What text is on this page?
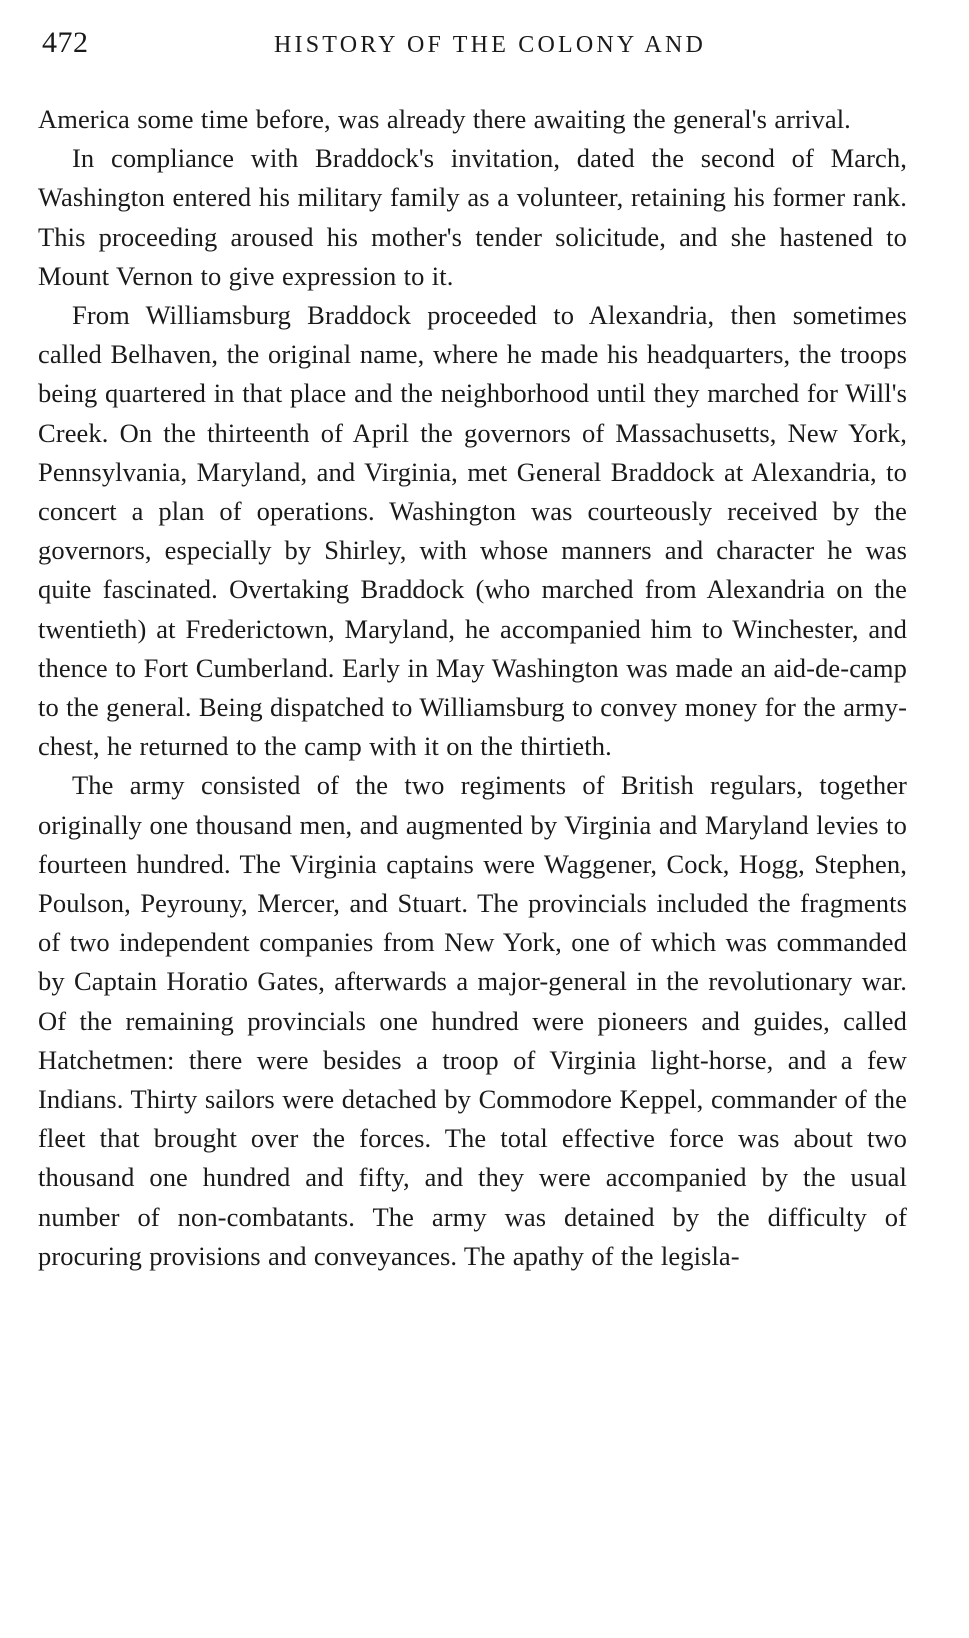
472	HISTORY OF THE COLONY AND

America some time before, was already there awaiting the general's arrival.

In compliance with Braddock's invitation, dated the second of March, Washington entered his military family as a volunteer, retaining his former rank. This proceeding aroused his mother's tender solicitude, and she hastened to Mount Vernon to give expression to it.

From Williamsburg Braddock proceeded to Alexandria, then sometimes called Belhaven, the original name, where he made his headquarters, the troops being quartered in that place and the neighborhood until they marched for Will's Creek. On the thirteenth of April the governors of Massachusetts, New York, Pennsylvania, Maryland, and Virginia, met General Braddock at Alexandria, to concert a plan of operations. Washington was courteously received by the governors, especially by Shirley, with whose manners and character he was quite fascinated. Overtaking Braddock (who marched from Alexandria on the twentieth) at Frederictown, Maryland, he accompanied him to Winchester, and thence to Fort Cumberland. Early in May Washington was made an aid-de-camp to the general. Being dispatched to Williamsburg to convey money for the army-chest, he returned to the camp with it on the thirtieth.

The army consisted of the two regiments of British regulars, together originally one thousand men, and augmented by Virginia and Maryland levies to fourteen hundred. The Virginia captains were Waggener, Cock, Hogg, Stephen, Poulson, Peyrouny, Mercer, and Stuart. The provincials included the fragments of two independent companies from New York, one of which was commanded by Captain Horatio Gates, afterwards a major-general in the revolutionary war. Of the remaining provincials one hundred were pioneers and guides, called Hatchetmen: there were besides a troop of Virginia light-horse, and a few Indians. Thirty sailors were detached by Commodore Keppel, commander of the fleet that brought over the forces. The total effective force was about two thousand one hundred and fifty, and they were accompanied by the usual number of non-combatants. The army was detained by the difficulty of procuring provisions and conveyances. The apathy of the legisla-
